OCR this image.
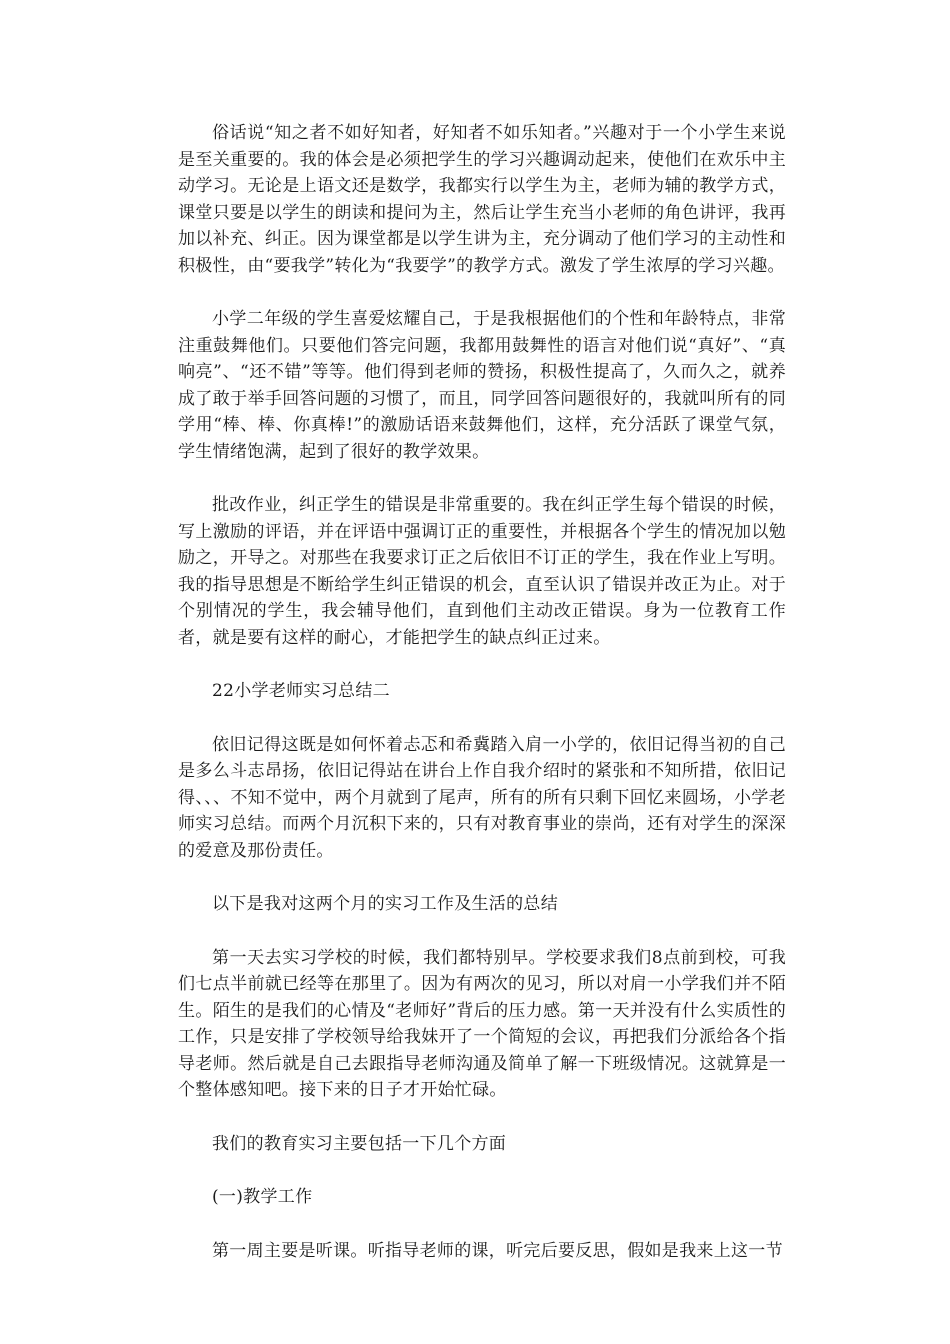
俗话说“知之者不如好知者，好知者不如乐知者。”兴趣对于一个小学生来说是至关重要的。我的体会是必须把学生的学习兴趣调动起来，使他们在欢乐中主动学习。无论是上语文还是数学，我都实行以学生为主，老师为辅的教学方式，课堂只要是以学生的朗读和提问为主，然后让学生充当小老师的角色讲评，我再加以补充、纠正。因为课堂都是以学生讲为主，充分调动了他们学习的主动性和积极性，由“要我学”转化为“我要学”的教学方式。激发了学生浓厚的学习兴趣。

小学二年级的学生喜爱炫耀自己，于是我根据他们的个性和年龄特点，非常注重鼓舞他们。只要他们答完问题，我都用鼓舞性的语言对他们说“真好”、“真响亮”、“还不错”等等。他们得到老师的赞扬，积极性提高了，久而久之，就养成了敢于举手回答问题的习惯了，而且，同学回答问题很好的，我就叫所有的同学用“棒、棒、你真棒!”的激励话语来鼓舞他们，这样，充分活跃了课堂气氛，学生情绪饱满，起到了很好的教学效果。

批改作业，纠正学生的错误是非常重要的。我在纠正学生每个错误的时候，写上激励的评语，并在评语中强调订正的重要性，并根据各个学生的情况加以勉励之，开导之。对那些在我要求订正之后依旧不订正的学生，我在作业上写明。我的指导思想是不断给学生纠正错误的机会，直至认识了错误并改正为止。对于个别情况的学生，我会辅导他们，直到他们主动改正错误。身为一位教育工作者，就是要有这样的耐心，才能把学生的缺点纠正过来。

22小学老师实习总结二

依旧记得这既是如何怀着忐忑和希冀踏入肩一小学的，依旧记得当初的自己是多么斗志昂扬，依旧记得站在讲台上作自我介绍时的紧张和不知所措，依旧记得、、、不知不觉中，两个月就到了尾声，所有的所有只剩下回忆来圆场，小学老师实习总结。而两个月沉积下来的，只有对教育事业的崇尚，还有对学生的深深的爱意及那份责任。

以下是我对这两个月的实习工作及生活的总结

第一天去实习学校的时候，我们都特别早。学校要求我们8点前到校，可我们七点半前就已经等在那里了。因为有两次的见习，所以对肩一小学我们并不陌生。陌生的是我们的心情及“老师好”背后的压力感。第一天并没有什么实质性的工作，只是安排了学校领导给我妹开了一个简短的会议，再把我们分派给各个指导老师。然后就是自己去跟指导老师沟通及简单了解一下班级情况。这就算是一个整体感知吧。接下来的日子才开始忙碌。

我们的教育实习主要包括一下几个方面

(一)教学工作

第一周主要是听课。听指导老师的课，听完后要反思，假如是我来上这一节
